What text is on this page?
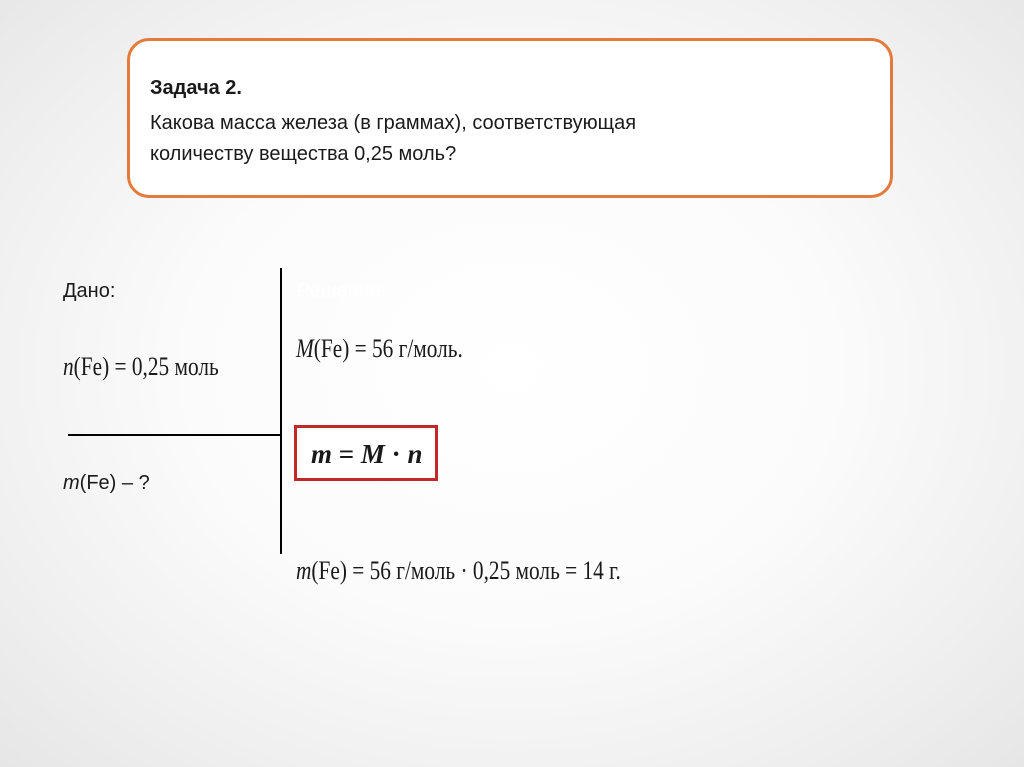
Задача 2.
Какова масса железа (в граммах), соответствующая
количеству вещества 0,25 моль?
Дано:	Решение:
n(Fe) = 0,25 моль
m(Fe) – ?
M(Fe) = 56 г/моль.
m = M · n
m(Fe) = 56 г/моль · 0,25 моль = 14 г.
